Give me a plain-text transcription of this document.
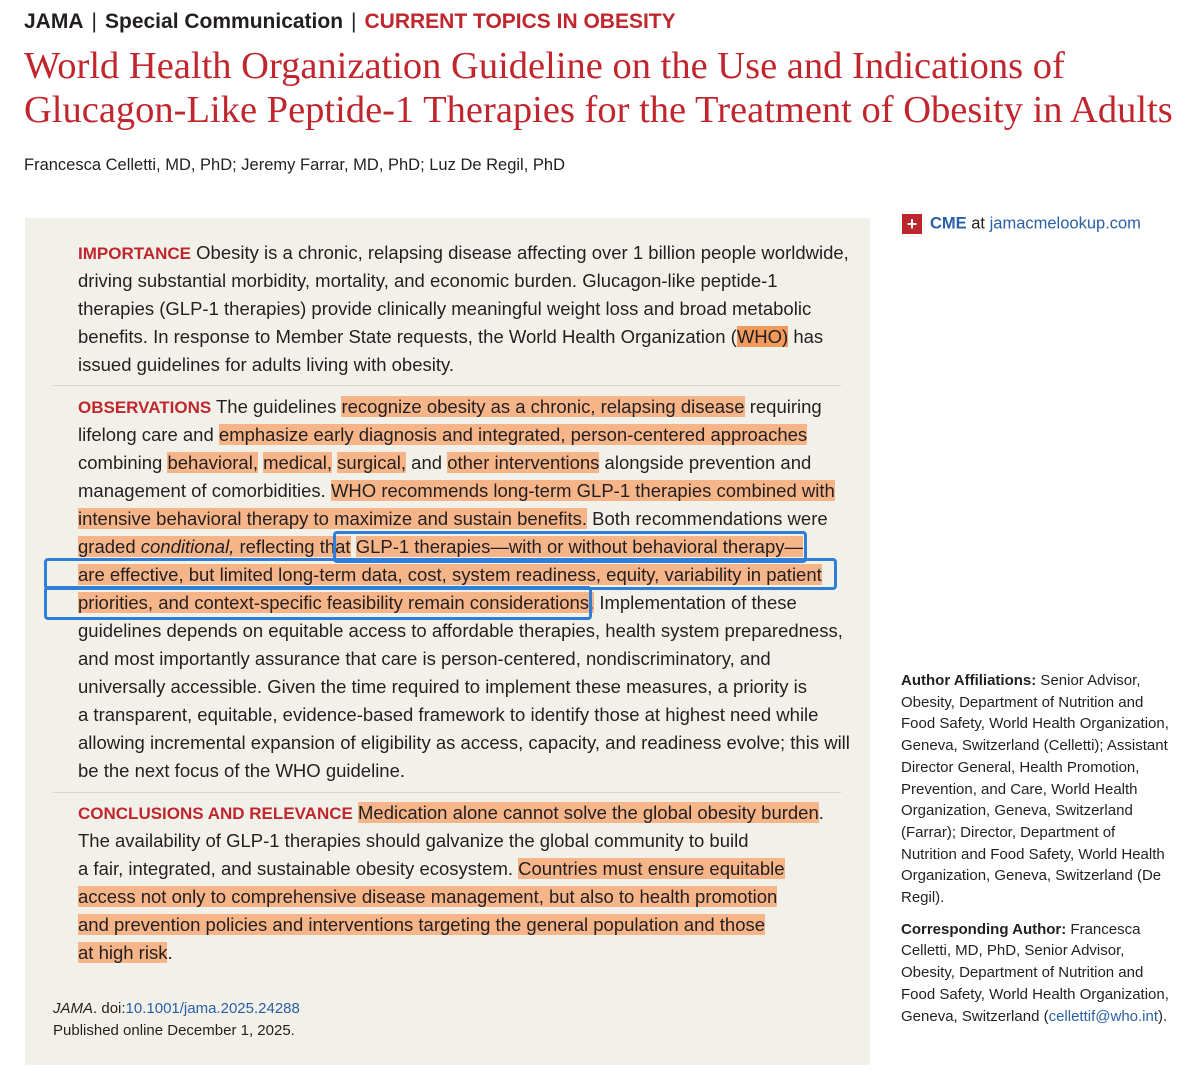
JAMA | Special Communication | CURRENT TOPICS IN OBESITY
World Health Organization Guideline on the Use and Indications of Glucagon-Like Peptide-1 Therapies for the Treatment of Obesity in Adults
Francesca Celletti, MD, PhD; Jeremy Farrar, MD, PhD; Luz De Regil, PhD
IMPORTANCE Obesity is a chronic, relapsing disease affecting over 1 billion people worldwide,
driving substantial morbidity, mortality, and economic burden. Glucagon-like peptide-1
therapies (GLP-1 therapies) provide clinically meaningful weight loss and broad metabolic
benefits. In response to Member State requests, the World Health Organization (WHO) has
issued guidelines for adults living with obesity.
OBSERVATIONS The guidelines recognize obesity as a chronic, relapsing disease requiring
lifelong care and emphasize early diagnosis and integrated, person-centered approaches
combining behavioral, medical, surgical, and other interventions alongside prevention and
management of comorbidities. WHO recommends long-term GLP-1 therapies combined with
intensive behavioral therapy to maximize and sustain benefits. Both recommendations were
graded conditional, reflecting that GLP-1 therapies—with or without behavioral therapy—
are effective, but limited long-term data, cost, system readiness, equity, variability in patient
priorities, and context-specific feasibility remain considerations. Implementation of these
guidelines depends on equitable access to affordable therapies, health system preparedness,
and most importantly assurance that care is person-centered, nondiscriminatory, and
universally accessible. Given the time required to implement these measures, a priority is
a transparent, equitable, evidence-based framework to identify those at highest need while
allowing incremental expansion of eligibility as access, capacity, and readiness evolve; this will
be the next focus of the WHO guideline.
CONCLUSIONS AND RELEVANCE Medication alone cannot solve the global obesity burden.
The availability of GLP-1 therapies should galvanize the global community to build
a fair, integrated, and sustainable obesity ecosystem. Countries must ensure equitable
access not only to comprehensive disease management, but also to health promotion
and prevention policies and interventions targeting the general population and those
at high risk.
JAMA. doi:10.1001/jama.2025.24288
Published online December 1, 2025.
+ CME at jamacmelookup.com

Author Affiliations: Senior Advisor, Obesity, Department of Nutrition and Food Safety, World Health Organization, Geneva, Switzerland (Celletti); Assistant Director General, Health Promotion, Prevention, and Care, World Health Organization, Geneva, Switzerland (Farrar); Director, Department of Nutrition and Food Safety, World Health Organization, Geneva, Switzerland (De Regil).

Corresponding Author: Francesca Celletti, MD, PhD, Senior Advisor, Obesity, Department of Nutrition and Food Safety, World Health Organization, Geneva, Switzerland (cellettif@who.int).
